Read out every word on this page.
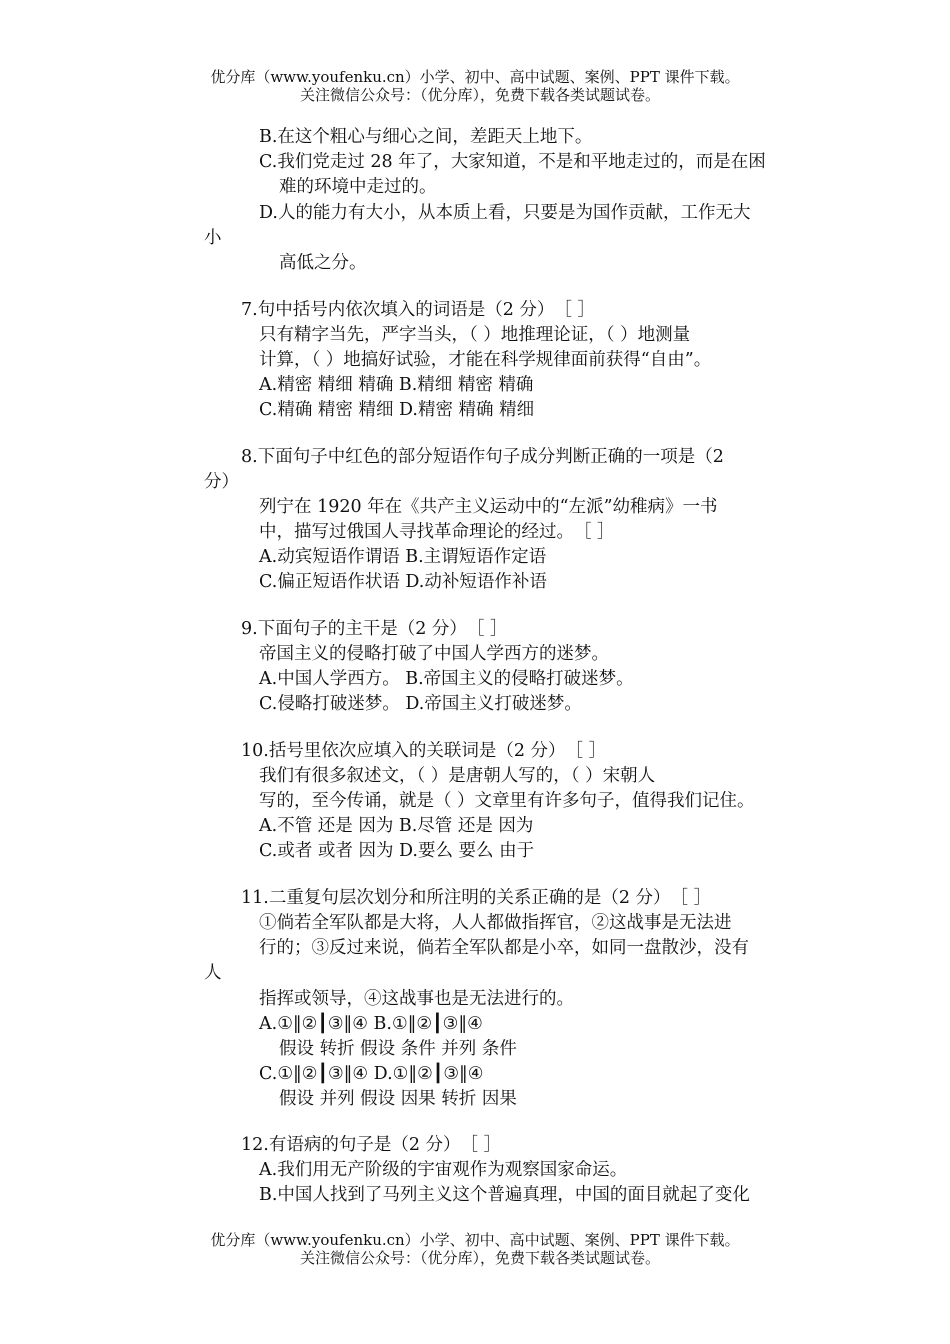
优分库（www.youfenku.cn）小学、初中、高中试题、案例、PPT 课件下载。
关注微信公众号：（优分库），免费下载各类试题试卷。
B.在这个粗心与细心之间，差距天上地下。
C.我们党走过 28 年了，大家知道，不是和平地走过的，而是在困
难的环境中走过的。
D.人的能力有大小，从本质上看，只要是为国作贡献，工作无大
小
高低之分。
7.句中括号内依次填入的词语是（2 分）　［ ］
只有精字当先，严字当头，（ ）地推理论证，（ ）地测量
计算，（ ）地搞好试验，才能在科学规律面前获得“自由”。
A.精密 精细 精确 B.精细 精密 精确
C.精确 精密 精细 D.精密 精确 精细
8.下面句子中红色的部分短语作句子成分判断正确的一项是（2
分）
列宁在 1920 年在《共产主义运动中的“左派”幼稚病》一书
中，描写过俄国人寻找革命理论的经过。　［ ］
A.动宾短语作谓语 B.主谓短语作定语
C.偏正短语作状语 D.动补短语作补语
9.下面句子的主干是（2 分）　［ ］
帝国主义的侵略打破了中国人学西方的迷梦。
A.中国人学西方。 B.帝国主义的侵略打破迷梦。
C.侵略打破迷梦。 D.帝国主义打破迷梦。
10.括号里依次应填入的关联词是（2 分）　［ ］
我们有很多叙述文，（ ）是唐朝人写的，（ ）宋朝人
写的，至今传诵，就是（ ）文章里有许多句子，值得我们记住。
A.不管 还是 因为 B.尽管 还是 因为
C.或者 或者 因为 D.要么 要么 由于
11.二重复句层次划分和所注明的关系正确的是（2 分）　［ ］
①倘若全军队都是大将，人人都做指挥官，②这战事是无法进
行的；③反过来说，倘若全军队都是小卒，如同一盘散沙，没有
人
指挥或领导，④这战事也是无法进行的。
A.①‖②┃③‖④ B.①‖②┃③‖④
假设 转折 假设 条件 并列 条件
C.①‖②┃③‖④ D.①‖②┃③‖④
假设 并列 假设 因果 转折 因果
12.有语病的句子是（2 分）　［ ］
A.我们用无产阶级的宇宙观作为观察国家命运。
B.中国人找到了马列主义这个普遍真理，中国的面目就起了变化
优分库（www.youfenku.cn）小学、初中、高中试题、案例、PPT 课件下载。
关注微信公众号：（优分库），免费下载各类试题试卷。
